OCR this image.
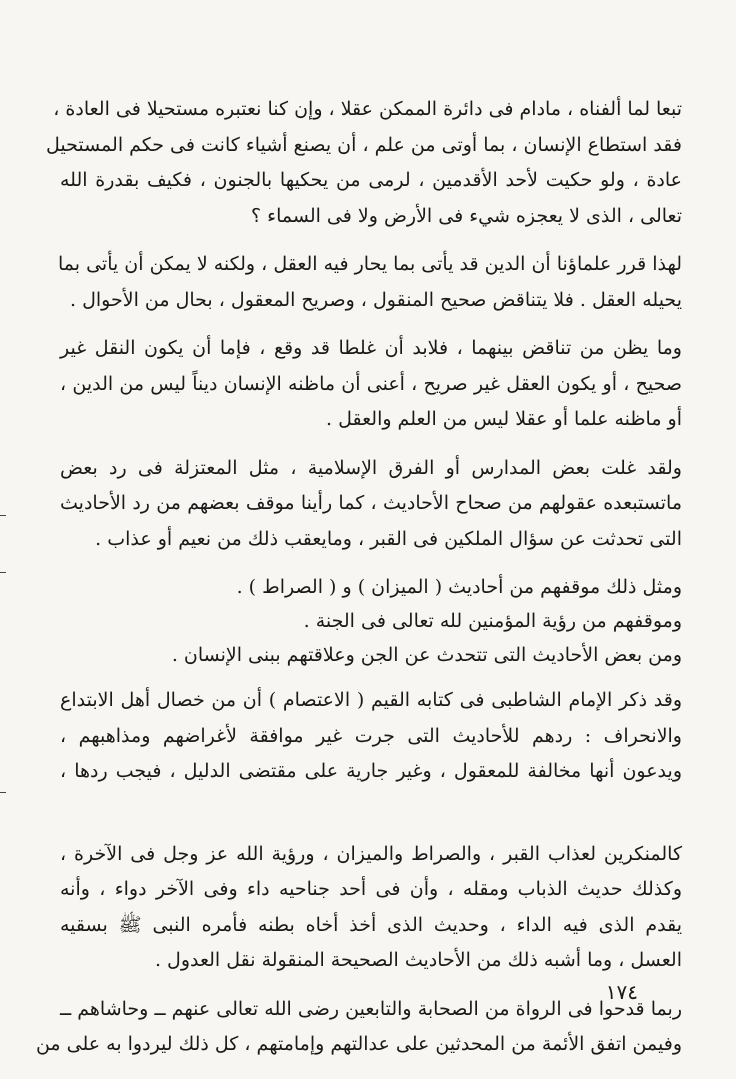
تبعا لما ألفناه ، مادام فى دائرة الممكن عقلا ، وإن كنا نعتبره مستحيلا فى العادة ،
فقد استطاع الإنسان ، بما أوتى من علم ، أن يصنع أشياء كانت فى حكم المستحيل
عادة ، ولو حكيت لأحد الأقدمين ، لرمى من يحكيها بالجنون ، فكيف بقدرة الله
تعالى ، الذى لا يعجزه شيء فى الأرض ولا فى السماء ؟

لهذا قرر علماؤنا أن الدين قد يأتى بما يحار فيه العقل ، ولكنه لا يمكن أن يأتى بما
يحيله العقل . فلا يتناقض صحيح المنقول ، وصريح المعقول ، بحال من الأحوال .

وما يظن من تناقض بينهما ، فلابد أن غلطا قد وقع ، فإما أن يكون النقل غير
صحيح ، أو يكون العقل غير صريح ، أعنى أن ماظنه الإنسان ديناً ليس من الدين ،
أو ماظنه علما أو عقلا ليس من العلم والعقل .

ولقد غلت بعض المدارس أو الفرق الإسلامية ، مثل المعتزلة فى رد بعض
ماتستبعده عقولهم من صحاح الأحاديث ، كما رأينا موقف بعضهم من رد الأحاديث
التى تحدثت عن سؤال الملكين فى القبر ، ومايعقب ذلك من نعيم أو عذاب .

ومثل ذلك موقفهم من أحاديث ( الميزان ) و ( الصراط ) .
وموقفهم من رؤية المؤمنين لله تعالى فى الجنة .
ومن بعض الأحاديث التى تتحدث عن الجن وعلاقتهم ببنى الإنسان .

وقد ذكر الإمام الشاطبى فى كتابه القيم ( الاعتصام ) أن من خصال أهل الابتداع
والانحراف : ردهم للأحاديث التى جرت غير موافقة لأغراضهم ومذاهبهم ،
ويدعون أنها مخالفة للمعقول ، وغير جارية على مقتضى الدليل ، فيجب ردها ،

كالمنكرين لعذاب القبر ، والصراط والميزان ، ورؤية الله عز وجل فى الآخرة ،
وكذلك حديث الذباب ومقله ، وأن فى أحد جناحيه داء وفى الآخر دواء ، وأنه
يقدم الذى فيه الداء ، وحديث الذى أخذ أخاه بطنه فأمره النبى ﷺ بسقيه
العسل ، وما أشبه ذلك من الأحاديث الصحيحة المنقولة نقل العدول .

ربما قدحوا فى الرواة من الصحابة والتابعين رضى الله تعالى عنهم ــ وحاشاهم ــ
وفيمن اتفق الأئمة من المحدثين على عدالتهم وإمامتهم ، كل ذلك ليردوا به على من

١٧٤
